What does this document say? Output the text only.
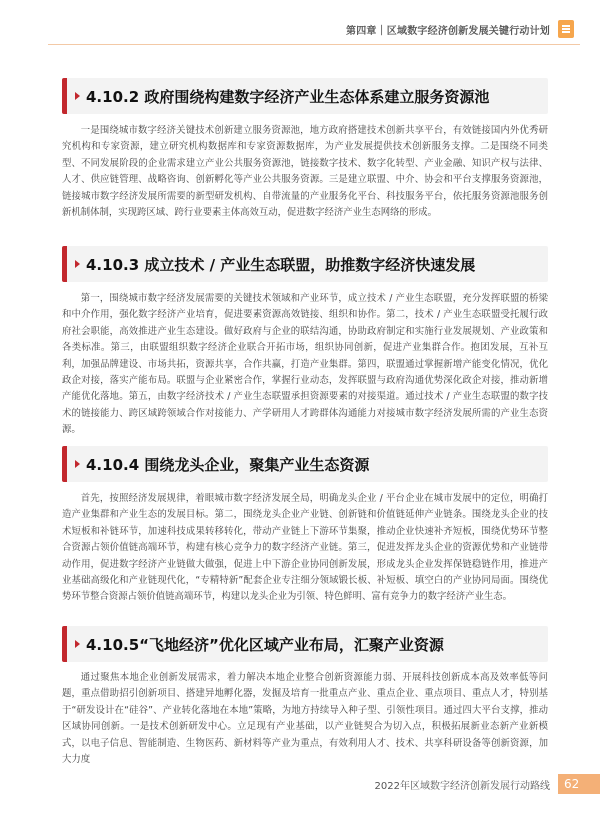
第四章｜区域数字经济创新发展关键行动计划
4.10.2 政府围绕构建数字经济产业生态体系建立服务资源池

一是围绕城市数字经济关键技术创新建立服务资源池，地方政府搭建技术创新共享平台，有效链接国内外优秀研究机构和专家资源，建立研究机构数据库和专家资源数据库，为产业发展提供技术创新服务支撑。二是围绕不同类型、不同发展阶段的企业需求建立产业公共服务资源池，链接数字技术、数字化转型、产业金融、知识产权与法律、人才、供应链管理、战略咨询、创新孵化等产业公共服务资源。三是建立联盟、中介、协会和平台支撑服务资源池，链接城市数字经济发展所需要的新型研发机构、自带流量的产业服务化平台、科技服务平台，依托服务资源池服务创新机制体制，实现跨区域、跨行业要素主体高效互动，促进数字经济产业生态网络的形成。

4.10.3 成立技术 / 产业生态联盟，助推数字经济快速发展

第一，围绕城市数字经济发展需要的关键技术领域和产业环节，成立技术 / 产业生态联盟，充分发挥联盟的桥梁和中介作用，强化数字经济产业培育，促进要素资源高效链接、组织和协作。第二，技术 / 产业生态联盟受托履行政府社会职能，高效推进产业生态建设。做好政府与企业的联结沟通，协助政府制定和实施行业发展规划、产业政策和各类标准。第三，由联盟组织数字经济企业联合开拓市场，组织协同创新，促进产业集群合作。抱团发展，互补互利，加强品牌建设、市场共拓，资源共享，合作共赢，打造产业集群。第四，联盟通过掌握新增产能变化情况，优化政企对接，落实产能布局。联盟与企业紧密合作，掌握行业动态，发挥联盟与政府沟通优势深化政企对接，推动新增产能优化落地。第五，由数字经济技术 / 产业生态联盟承担资源要素的对接渠道。通过技术 / 产业生态联盟的数字技术的链接能力、跨区域跨领域合作对接能力、产学研用人才跨群体沟通能力对接城市数字经济发展所需的产业生态资源。

4.10.4 围绕龙头企业，聚集产业生态资源

首先，按照经济发展规律，着眼城市数字经济发展全局，明确龙头企业 / 平台企业在城市发展中的定位，明确打造产业集群和产业生态的发展目标。第二，围绕龙头企业产业链、创新链和价值链延伸产业链条。围绕龙头企业的技术短板和补链环节，加速科技成果转移转化，带动产业链上下游环节集聚，推动企业快速补齐短板，围绕优势环节整合资源占领价值链高端环节，构建有核心竞争力的数字经济产业链。第三，促进发挥龙头企业的资源优势和产业链带动作用，促进数字经济产业链做大做强，促进上中下游企业协同创新发展，形成龙头企业发挥保链稳链作用，推进产业基础高级化和产业链现代化，“专精特新”配套企业专注细分领域锻长板、补短板、填空白的产业协同局面。围绕优势环节整合资源占领价值链高端环节，构建以龙头企业为引领、特色鲜明、富有竞争力的数字经济产业生态。

4.10.5“飞地经济”优化区域产业布局，汇聚产业资源

通过聚焦本地企业创新发展需求，着力解决本地企业整合创新资源能力弱、开展科技创新成本高及效率低等问题，重点借助招引创新项目、搭建异地孵化器，发掘及培育一批重点产业、重点企业、重点项目、重点人才，特别基于“研发设计在“硅谷”、产业转化落地在本地”策略，为地方持续导入种子型、引领性项目。通过四大平台支撑，推动区域协同创新。一是技术创新研发中心。立足现有产业基础，以产业链契合为切入点，积极拓展新业态新产业新模式，以电子信息、智能制造、生物医药、新材料等产业为重点，有效利用人才、技术、共享科研设备等创新资源，加大力度

2022年区域数字经济创新发展行动路线	62
